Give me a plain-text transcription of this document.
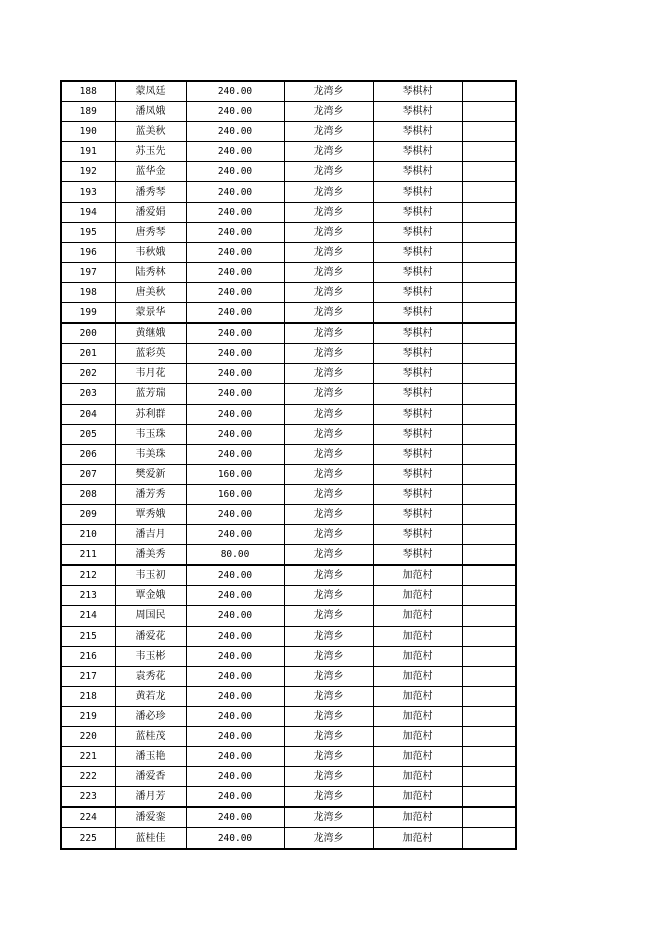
188	蒙凤廷	240.00	龙湾乡	琴棋村	
189	潘凤娥	240.00	龙湾乡	琴棋村	
190	蓝美秋	240.00	龙湾乡	琴棋村	
191	苏玉先	240.00	龙湾乡	琴棋村	
192	蓝华金	240.00	龙湾乡	琴棋村	
193	潘秀琴	240.00	龙湾乡	琴棋村	
194	潘爱娟	240.00	龙湾乡	琴棋村	
195	唐秀琴	240.00	龙湾乡	琴棋村	
196	韦秋娥	240.00	龙湾乡	琴棋村	
197	陆秀林	240.00	龙湾乡	琴棋村	
198	唐美秋	240.00	龙湾乡	琴棋村	
199	蒙景华	240.00	龙湾乡	琴棋村	
200	黄继娥	240.00	龙湾乡	琴棋村	
201	蓝彩英	240.00	龙湾乡	琴棋村	
202	韦月花	240.00	龙湾乡	琴棋村	
203	蓝芳瑞	240.00	龙湾乡	琴棋村	
204	苏利群	240.00	龙湾乡	琴棋村	
205	韦玉珠	240.00	龙湾乡	琴棋村	
206	韦美珠	240.00	龙湾乡	琴棋村	
207	樊爱新	160.00	龙湾乡	琴棋村	
208	潘芳秀	160.00	龙湾乡	琴棋村	
209	覃秀娥	240.00	龙湾乡	琴棋村	
210	潘吉月	240.00	龙湾乡	琴棋村	
211	潘美秀	80.00	龙湾乡	琴棋村	
212	韦玉初	240.00	龙湾乡	加范村	
213	覃金娥	240.00	龙湾乡	加范村	
214	周国民	240.00	龙湾乡	加范村	
215	潘爱花	240.00	龙湾乡	加范村	
216	韦玉彬	240.00	龙湾乡	加范村	
217	袁秀花	240.00	龙湾乡	加范村	
218	黄若龙	240.00	龙湾乡	加范村	
219	潘必珍	240.00	龙湾乡	加范村	
220	蓝桂茂	240.00	龙湾乡	加范村	
221	潘玉艳	240.00	龙湾乡	加范村	
222	潘爱香	240.00	龙湾乡	加范村	
223	潘月芳	240.00	龙湾乡	加范村	
224	潘爱銮	240.00	龙湾乡	加范村	
225	蓝桂佳	240.00	龙湾乡	加范村	
